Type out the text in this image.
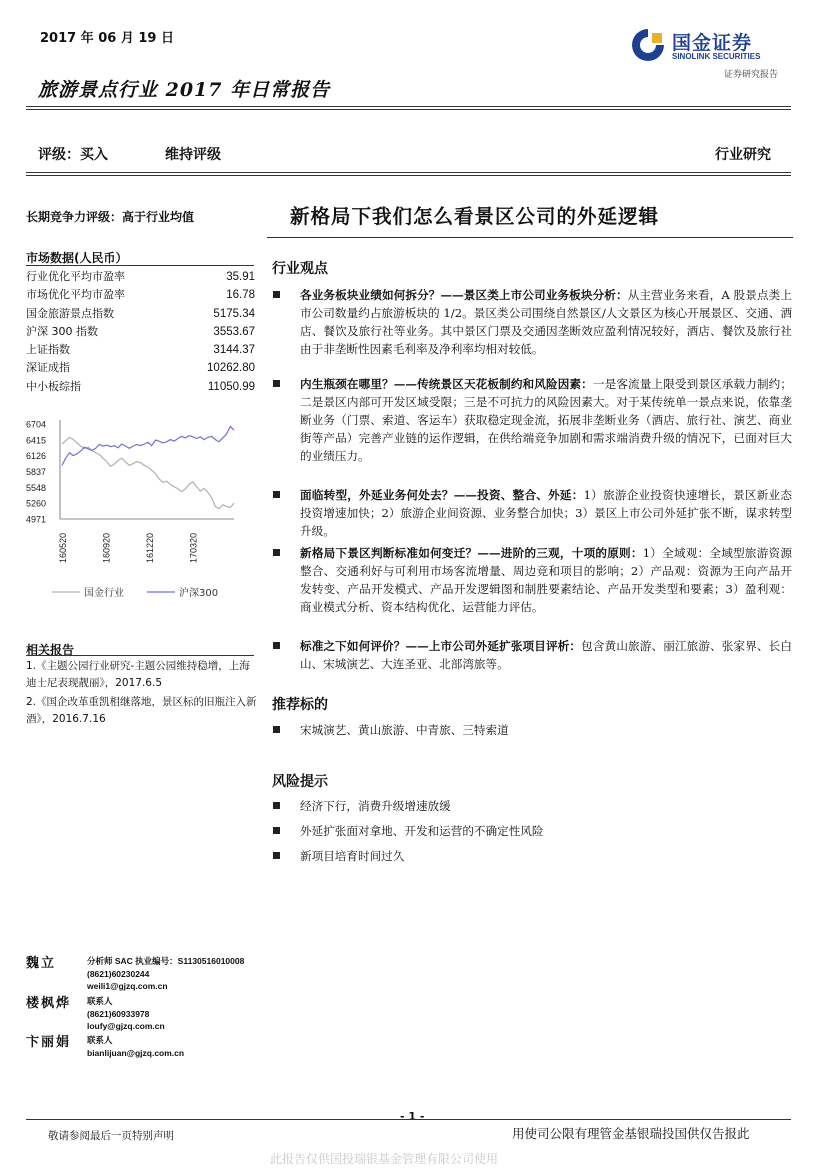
2017 年 06 月 19 日
旅游景点行业 2017 年日常报告
国金证券
SINOLINK SECURITIES
证券研究报告
评级：买入	维持评级	行业研究
长期竞争力评级：高于行业均值
市场数据(人民币）
行业优化平均市盈率	35.91
市场优化平均市盈率	16.78
国金旅游景点指数	5175.34
沪深 300 指数	3553.67
上证指数	3144.37
深证成指	10262.80
中小板综指	11050.99
6704
6415
6126
5837
5548
5260
4971
160520	160920	161220	170320
国金行业	沪深300
相关报告
1.《主题公园行业研究-主题公园维持稳增，上海迪士尼表现靓丽》，2017.6.5
2.《国企改革重凯相继落地，景区标的旧瓶注入新酒》，2016.7.16
魏立	分析师 SAC 执业编号：S1130516010008
(8621)60230244
weili1@gjzq.com.cn
楼枫烨 联系人
(8621)60933978
loufy@gjzq.com.cn
卞丽娟 联系人
bianlijuan@gjzq.com.cn
新格局下我们怎么看景区公司的外延逻辑
行业观点
各业务板块业绩如何拆分？——景区类上市公司业务板块分析：从主营业务来看，A 股景点类上市公司数量约占旅游板块的 1/2。景区类公司围绕自然景区/人文景区为核心开展景区、交通、酒店、餐饮及旅行社等业务。其中景区门票及交通因垄断效应盈利情况较好，酒店、餐饮及旅行社由于非垄断性因素毛利率及净利率均相对较低。
内生瓶颈在哪里？——传统景区天花板制约和风险因素：一是客流量上限受到景区承载力制约；二是景区内部可开发区域受限；三是不可抗力的风险因素大。对于某传统单一景点来说，依靠垄断业务（门票、索道、客运车）获取稳定现金流，拓展非垄断业务（酒店、旅行社、演艺、商业街等产品）完善产业链的运作逻辑，在供给端竞争加剧和需求端消费升级的情况下，已面对巨大的业绩压力。
面临转型，外延业务何处去？——投资、整合、外延：1）旅游企业投资快速增长，景区新业态投资增速加快；2）旅游企业间资源、业务整合加快；3）景区上市公司外延扩张不断，谋求转型升级。
新格局下景区判断标准如何变迁？——进阶的三观，十项的原则：1）全域观：全域型旅游资源整合、交通利好与可利用市场客流增量、周边竞和项目的影响；2）产品观：资源为王向产品开发转变、产品开发模式、产品开发逻辑图和制胜要素结论、产品开发类型和要素；3）盈利观：商业模式分析、资本结构优化、运营能力评估。
标准之下如何评价？——上市公司外延扩张项目评析：包含黄山旅游、丽江旅游、张家界、长白山、宋城演艺、大连圣亚、北部湾旅等。
推荐标的
宋城演艺、黄山旅游、中青旅、三特索道
风险提示
经济下行，消费升级增速放缓
外延扩张面对拿地、开发和运营的不确定性风险
新项目培育时间过久
- 1 -
敬请参阅最后一页特别声明	用使司公限有理管金基银瑞投国供仅告报此
此报告仅供国投瑞银基金管理有限公司使用
